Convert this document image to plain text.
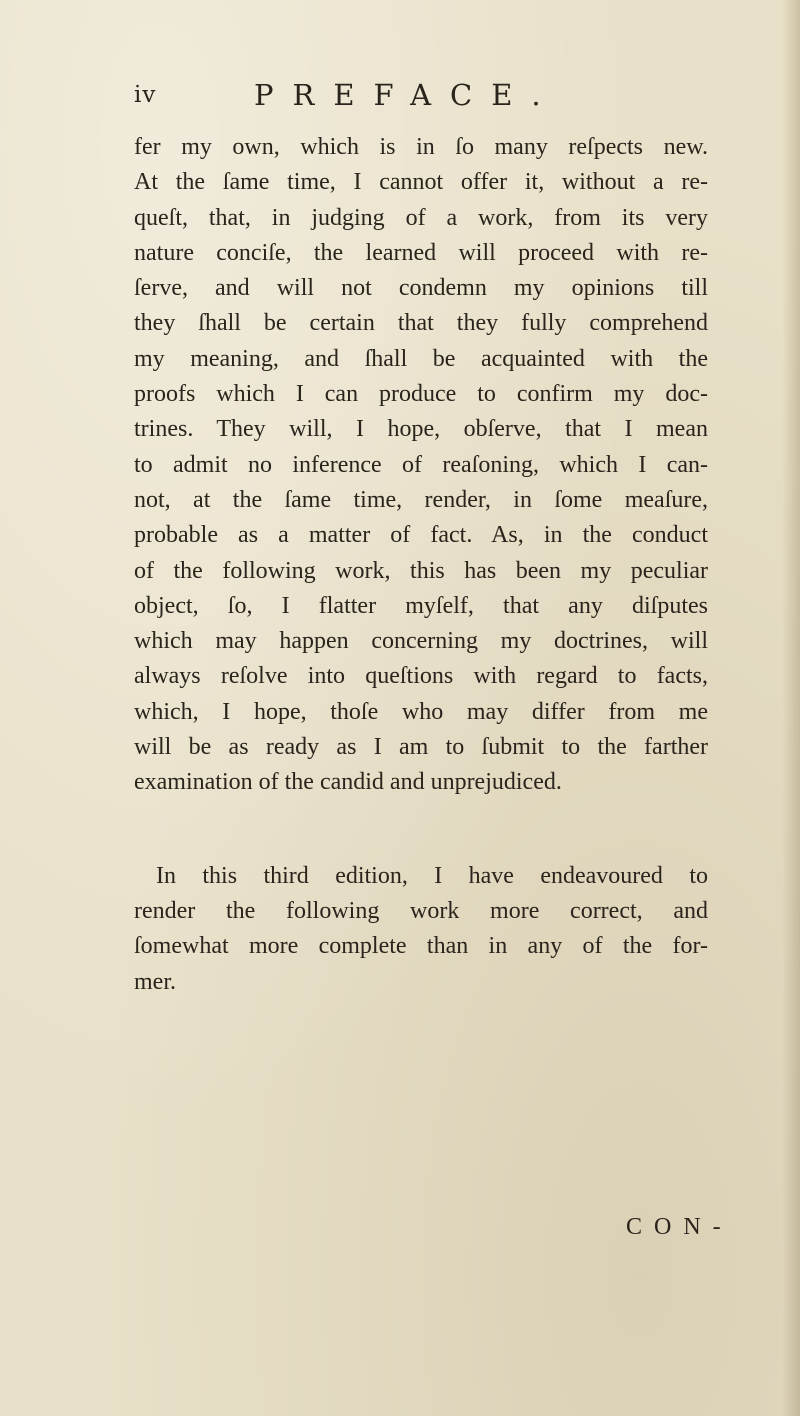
iv	PREFACE.
fer my own, which is in ſo many reſpects new.
At the ſame time, I cannot offer it, without a re-
queſt, that, in judging of a work, from its very
nature conciſe, the learned will proceed with re-
ſerve, and will not condemn my opinions till
they ſhall be certain that they fully comprehend
my meaning, and ſhall be acquainted with the
proofs which I can produce to confirm my doc-
trines. They will, I hope, obſerve, that I mean
to admit no inference of reaſoning, which I can-
not, at the ſame time, render, in ſome meaſure,
probable as a matter of fact. As, in the conduct
of the following work, this has been my peculiar
object, ſo, I flatter myſelf, that any diſputes
which may happen concerning my doctrines, will
always reſolve into queſtions with regard to facts,
which, I hope, thoſe who may differ from me
will be as ready as I am to ſubmit to the farther
examination of the candid and unprejudiced.
In this third edition, I have endeavoured to
render the following work more correct, and
ſomewhat more complete than in any of the for-
mer.
CON-
